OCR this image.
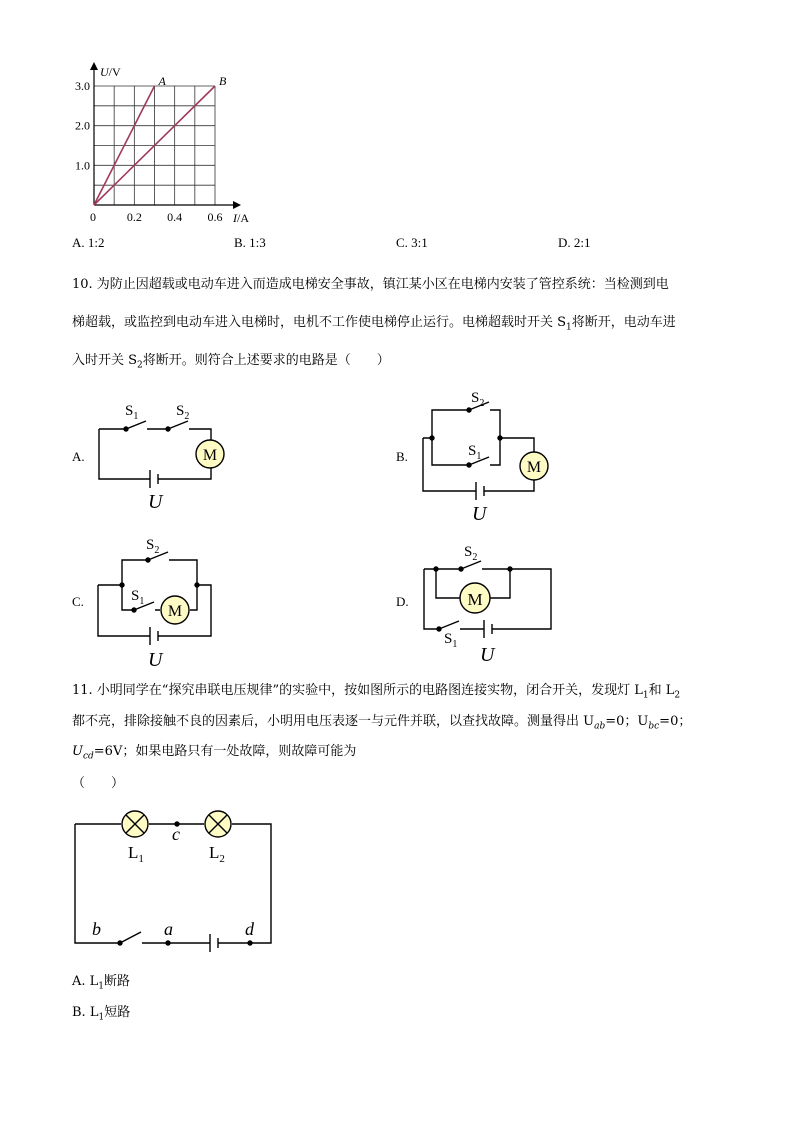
0.2 0.4 0.6
1.0
2.0
3.0
0
U/V
I/A
A	B
A. 1:2	B. 1:3	C. 3:1	D. 2:1
10. 为防止因超载或电动车进入而造成电梯安全事故，镇江某小区在电梯内安装了管控系统：当检测到电
梯超载，或监控到电动车进入电梯时，电机不工作使电梯停止运行。电梯超载时开关 $S_1$将断开，电动车进
入时开关 $S_2$将断开。则符合上述要求的电路是（　　）
A.	B.
C.	D.
M
$S_1$	$S_2$
U
M
$S_2$
$S_1$
U
M
$S_2$
$S_1$
U
M
$S_2$
$S_1$ U
11. 小明同学在“探究串联电压规律”的实验中，按如图所示的电路图连接实物，闭合开关，发现灯 $L_1$和 $L_2$
都不亮，排除接触不良的因素后，小明用电压表逐一与元件并联，以查找故障。测量得出 $U_{ab}=0$；$U_{bc}=0$；
$U_{cd}=6V$；如果电路只有一处故障，则故障可能为
（　　）
$L_1$	$L_2$
c
b	a	d
A. $L_1$断路
B. $L_1$短路
